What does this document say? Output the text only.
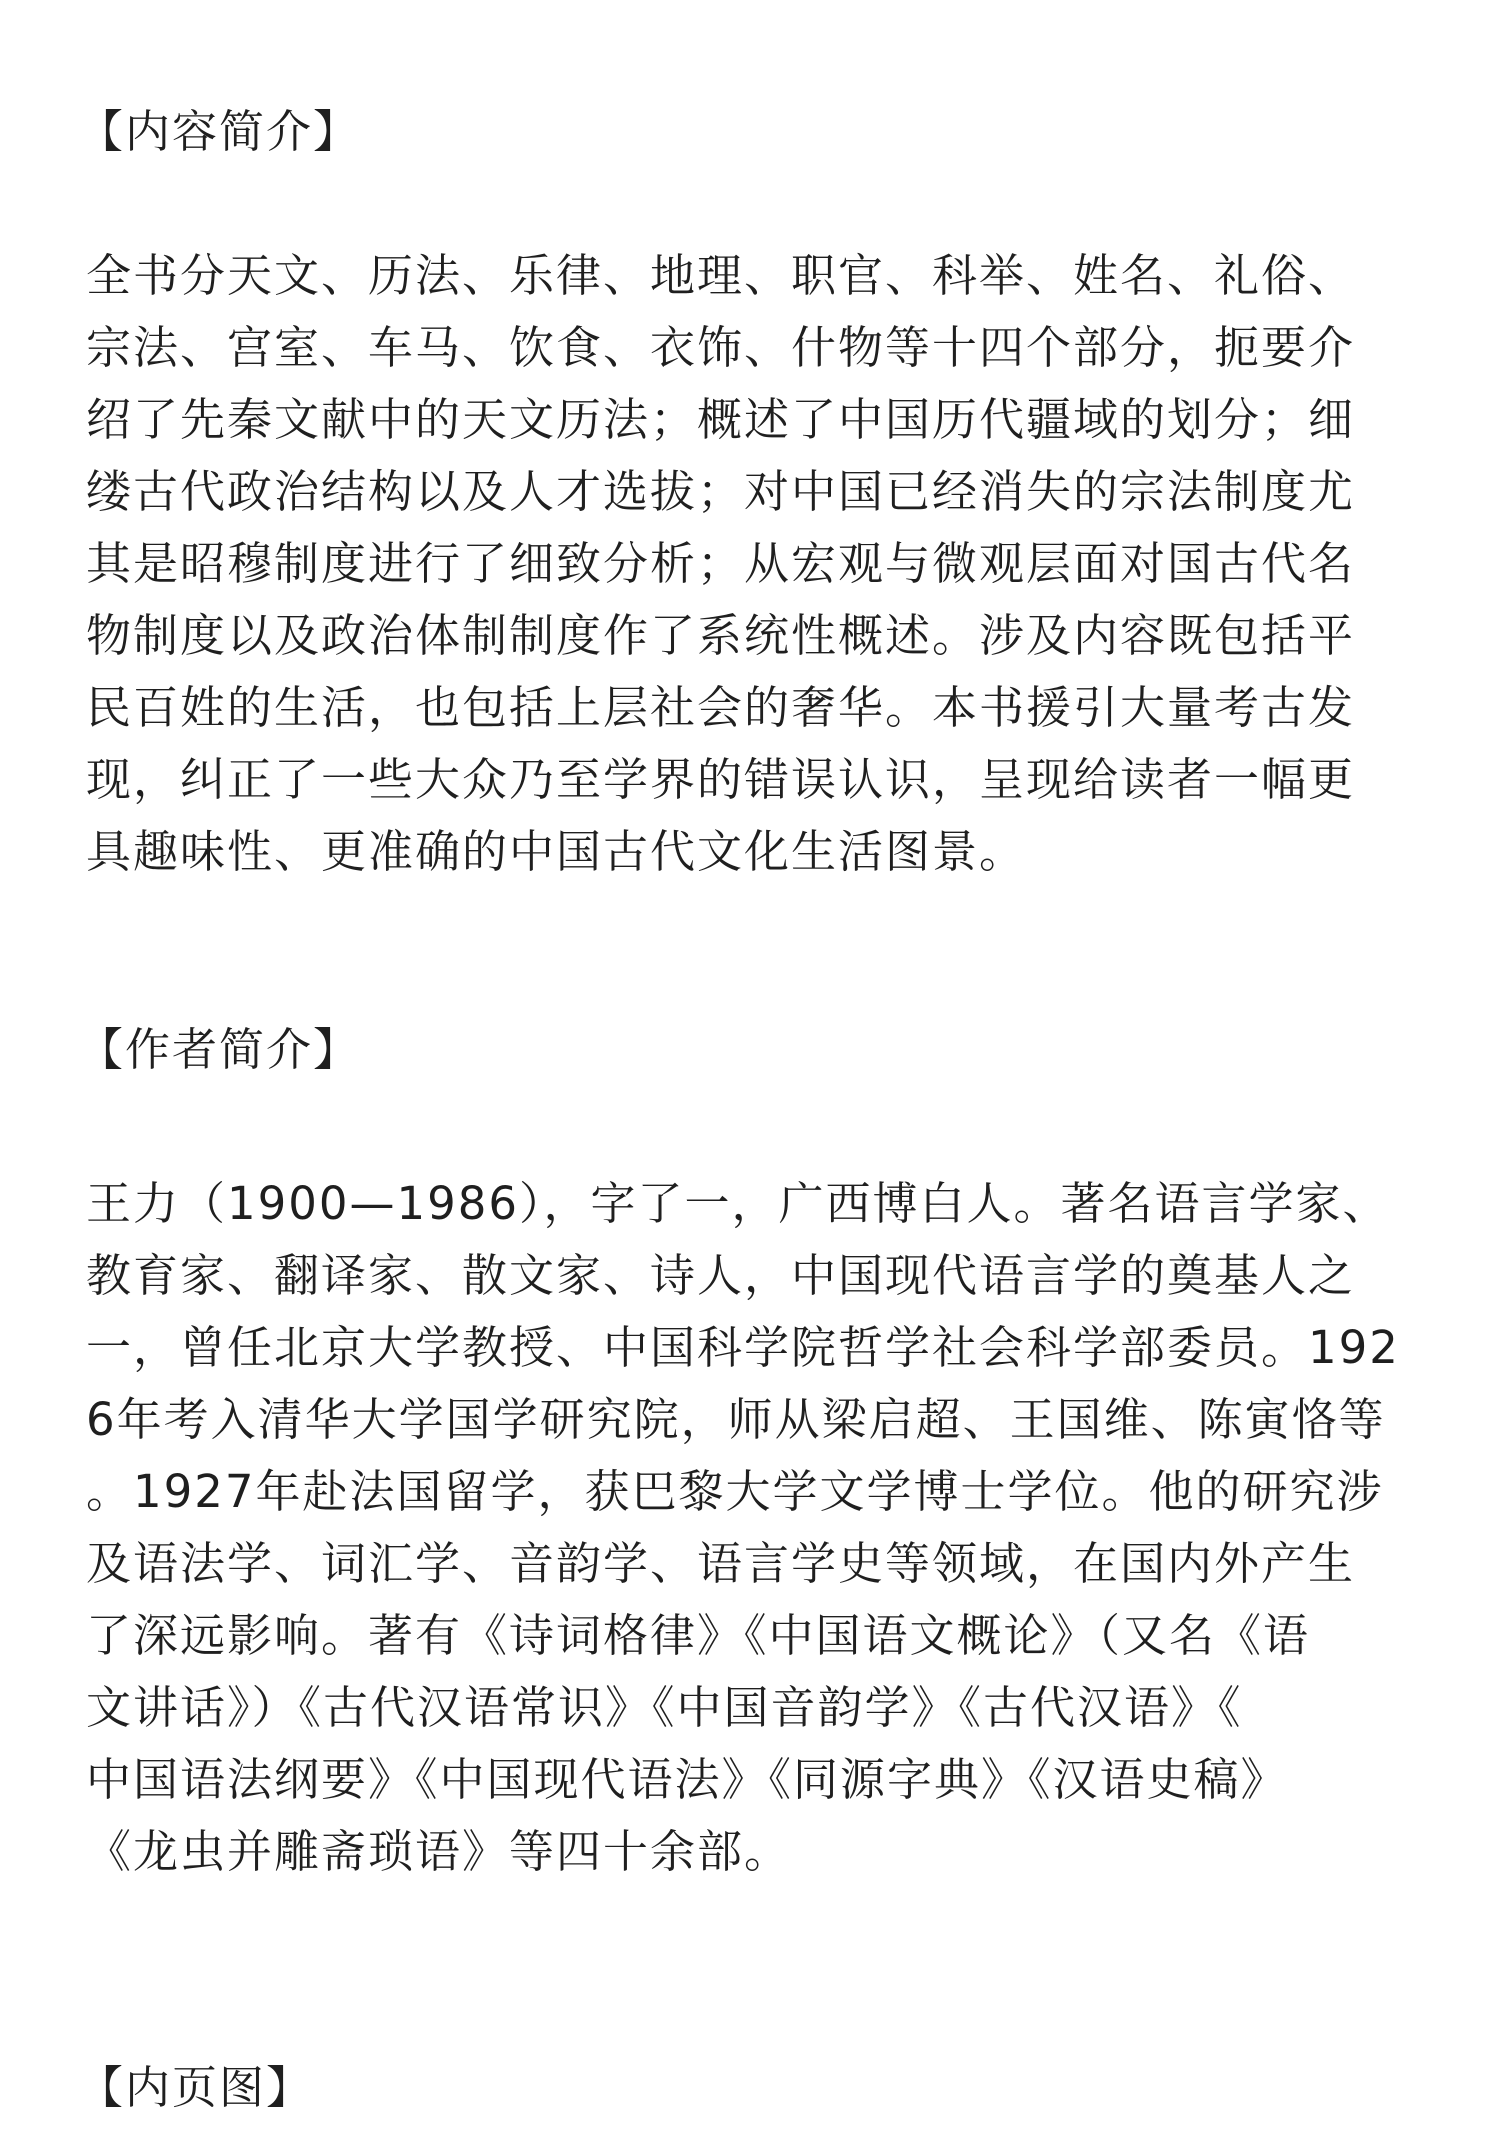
【内容简介】
全书分天文、历法、乐律、地理、职官、科举、姓名、礼俗、
宗法、宫室、车马、饮食、衣饰、什物等十四个部分，扼要介
绍了先秦文献中的天文历法；概述了中国历代疆域的划分；细
缕古代政治结构以及人才选拔；对中国已经消失的宗法制度尤
其是昭穆制度进行了细致分析；从宏观与微观层面对国古代名
物制度以及政治体制制度作了系统性概述。涉及内容既包括平
民百姓的生活，也包括上层社会的奢华。本书援引大量考古发
现，纠正了一些大众乃至学界的错误认识，呈现给读者一幅更
具趣味性、更准确的中国古代文化生活图景。
【作者简介】
王力（1900—1986），字了一，广西博白人。著名语言学家、
教育家、翻译家、散文家、诗人，中国现代语言学的奠基人之
一，曾任北京大学教授、中国科学院哲学社会科学部委员。192
6年考入清华大学国学研究院，师从梁启超、王国维、陈寅恪等
。1927年赴法国留学，获巴黎大学文学博士学位。他的研究涉
及语法学、词汇学、音韵学、语言学史等领域，在国内外产生
了深远影响。著有《诗词格律》《中国语文概论》（又名《语
文讲话》）《古代汉语常识》《中国音韵学》《古代汉语》《
中国语法纲要》《中国现代语法》《同源字典》《汉语史稿》
《龙虫并雕斋琐语》等四十余部。
【内页图】
